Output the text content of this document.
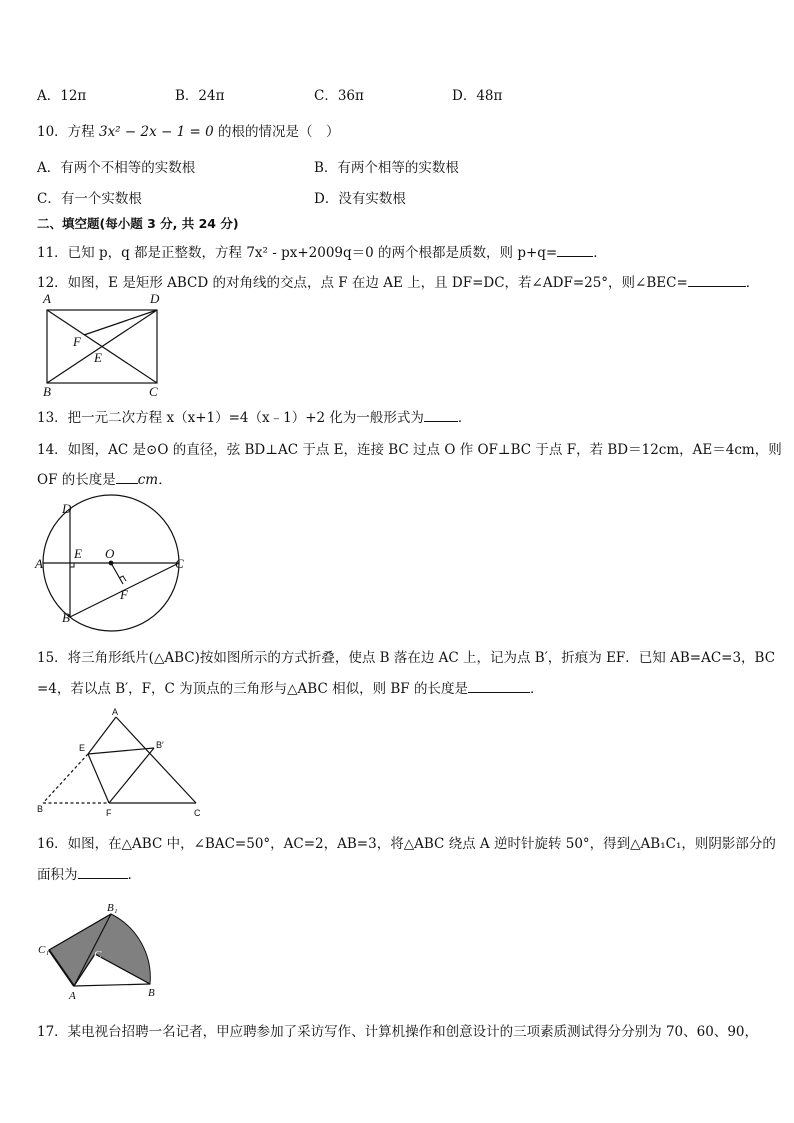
A．12π	B．24π	C．36π	D．48π
10．方程 3x² − 2x − 1 = 0 的根的情况是（　）
A．有两个不相等的实数根	B．有两个相等的实数根
C．有一个实数根	D．没有实数根
二、填空题(每小题 3 分, 共 24 分)
11．已知 p，q 都是正整数，方程 7x² - px+2009q＝0 的两个根都是质数，则 p+q=	．
12．如图，E 是矩形 ABCD 的对角线的交点，点 F 在边 AE 上，且 DF=DC，若∠ADF=25°，则∠BEC=	．
A	D
F
E
B	C
13．把一元二次方程 x（x+1）=4（x﹣1）+2 化为一般形式为	．
14．如图，AC 是⊙O 的直径，弦 BD⊥AC 于点 E，连接 BC 过点 O 作 OF⊥BC 于点 F，若 BD＝12cm，AE＝4cm，则
OF 的长度是 cm．
D
E O
A	C
F
B
15．将三角形纸片(△ABC)按如图所示的方式折叠，使点 B 落在边 AC 上，记为点 B′，折痕为 EF．已知 AB=AC=3，BC
=4，若以点 B′，F，C 为顶点的三角形与△ABC 相似，则 BF 的长度是	．
A
E	B′
B	F	C
16．如图，在△ABC 中，∠BAC=50°，AC=2，AB=3，将△ABC 绕点 A 逆时针旋转 50°，得到△AB₁C₁，则阴影部分的
面积为	.
B₁
C₁	C
A	B
17．某电视台招聘一名记者，甲应聘参加了采访写作、计算机操作和创意设计的三项素质测试得分分别为 70、60、90，
